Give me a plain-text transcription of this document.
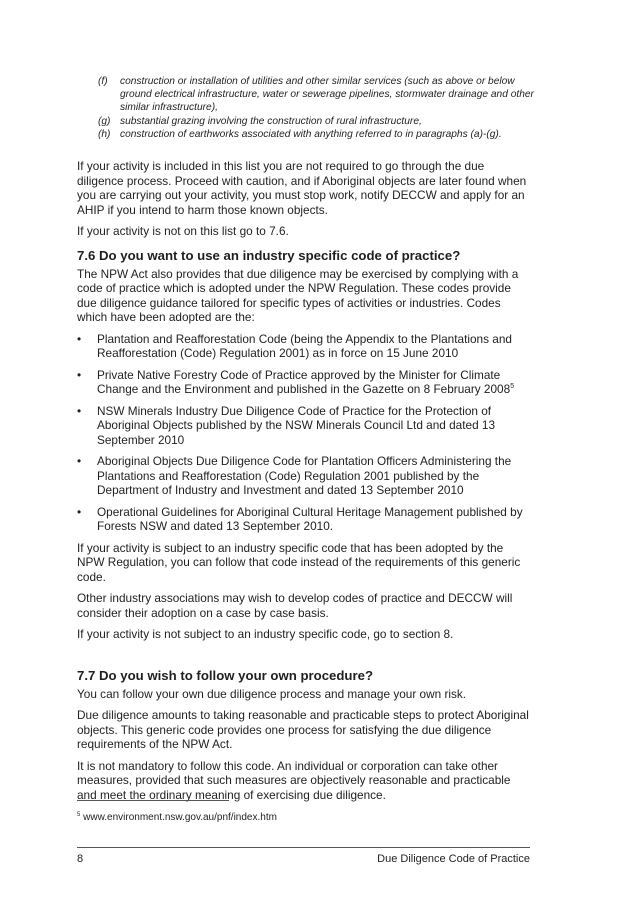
(f) construction or installation of utilities and other similar services (such as above or below ground electrical infrastructure, water or sewerage pipelines, stormwater drainage and other similar infrastructure),
(g) substantial grazing involving the construction of rural infrastructure,
(h) construction of earthworks associated with anything referred to in paragraphs (a)-(g).

If your activity is included in this list you are not required to go through the due diligence process. Proceed with caution, and if Aboriginal objects are later found when you are carrying out your activity, you must stop work, notify DECCW and apply for an AHIP if you intend to harm those known objects.

If your activity is not on this list go to 7.6.

7.6 Do you want to use an industry specific code of practice?

The NPW Act also provides that due diligence may be exercised by complying with a code of practice which is adopted under the NPW Regulation. These codes provide due diligence guidance tailored for specific types of activities or industries. Codes which have been adopted are the:

• Plantation and Reafforestation Code (being the Appendix to the Plantations and Reafforestation (Code) Regulation 2001) as in force on 15 June 2010
• Private Native Forestry Code of Practice approved by the Minister for Climate Change and the Environment and published in the Gazette on 8 February 2008$^5$
• NSW Minerals Industry Due Diligence Code of Practice for the Protection of Aboriginal Objects published by the NSW Minerals Council Ltd and dated 13 September 2010
• Aboriginal Objects Due Diligence Code for Plantation Officers Administering the Plantations and Reafforestation (Code) Regulation 2001 published by the Department of Industry and Investment and dated 13 September 2010
• Operational Guidelines for Aboriginal Cultural Heritage Management published by Forests NSW and dated 13 September 2010.

If your activity is subject to an industry specific code that has been adopted by the NPW Regulation, you can follow that code instead of the requirements of this generic code.

Other industry associations may wish to develop codes of practice and DECCW will consider their adoption on a case by case basis.

If your activity is not subject to an industry specific code, go to section 8.

7.7 Do you wish to follow your own procedure?

You can follow your own due diligence process and manage your own risk.

Due diligence amounts to taking reasonable and practicable steps to protect Aboriginal objects. This generic code provides one process for satisfying the due diligence requirements of the NPW Act.

It is not mandatory to follow this code. An individual or corporation can take other measures, provided that such measures are objectively reasonable and practicable and meet the ordinary meaning of exercising due diligence.

$^5$ www.environment.nsw.gov.au/pnf/index.htm
8	Due Diligence Code of Practice
